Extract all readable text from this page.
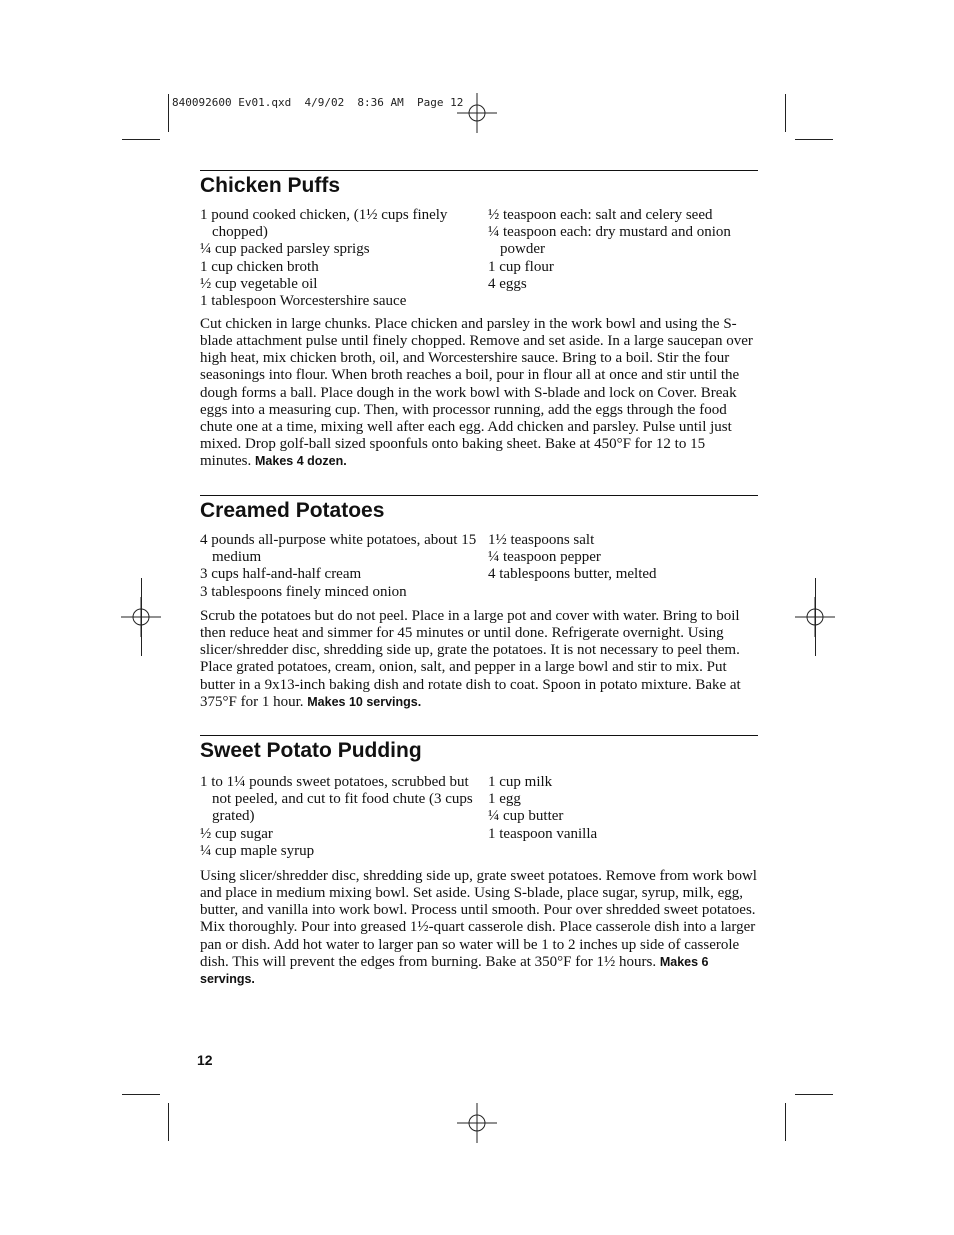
840092600 Ev01.qxd  4/9/02  8:36 AM  Page 12
Chicken Puffs
1 pound cooked chicken, (1½ cups finely chopped)
¼ cup packed parsley sprigs
1 cup chicken broth
½ cup vegetable oil
1 tablespoon Worcestershire sauce
½ teaspoon each: salt and celery seed
¼ teaspoon each: dry mustard and onion powder
1 cup flour
4 eggs

Cut chicken in large chunks. Place chicken and parsley in the work bowl and using the S-blade attachment pulse until finely chopped. Remove and set aside. In a large saucepan over high heat, mix chicken broth, oil, and Worcestershire sauce. Bring to a boil. Stir the four seasonings into flour. When broth reaches a boil, pour in flour all at once and stir until the dough forms a ball. Place dough in the work bowl with S-blade and lock on Cover. Break eggs into a measuring cup. Then, with processor running, add the eggs through the food chute one at a time, mixing well after each egg. Add chicken and parsley. Pulse until just mixed. Drop golf-ball sized spoonfuls onto baking sheet. Bake at 450°F for 12 to 15 minutes. Makes 4 dozen.

Creamed Potatoes
4 pounds all-purpose white potatoes, about 15 medium
3 cups half-and-half cream
3 tablespoons finely minced onion
1½ teaspoons salt
¼ teaspoon pepper
4 tablespoons butter, melted

Scrub the potatoes but do not peel. Place in a large pot and cover with water. Bring to boil then reduce heat and simmer for 45 minutes or until done. Refrigerate overnight. Using slicer/shredder disc, shredding side up, grate the potatoes. It is not necessary to peel them. Place grated potatoes, cream, onion, salt, and pepper in a large bowl and stir to mix. Put butter in a 9x13-inch baking dish and rotate dish to coat. Spoon in potato mixture. Bake at 375°F for 1 hour. Makes 10 servings.

Sweet Potato Pudding
1 to 1¼ pounds sweet potatoes, scrubbed but not peeled, and cut to fit food chute (3 cups grated)
½ cup sugar
¼ cup maple syrup
1 cup milk
1 egg
¼ cup butter
1 teaspoon vanilla

Using slicer/shredder disc, shredding side up, grate sweet potatoes. Remove from work bowl and place in medium mixing bowl. Set aside. Using S-blade, place sugar, syrup, milk, egg, butter, and vanilla into work bowl. Process until smooth. Pour over shredded sweet potatoes. Mix thoroughly. Pour into greased 1½-quart casserole dish. Place casserole dish into a larger pan or dish. Add hot water to larger pan so water will be 1 to 2 inches up side of casserole dish. This will prevent the edges from burning. Bake at 350°F for 1½ hours. Makes 6 servings.

12
